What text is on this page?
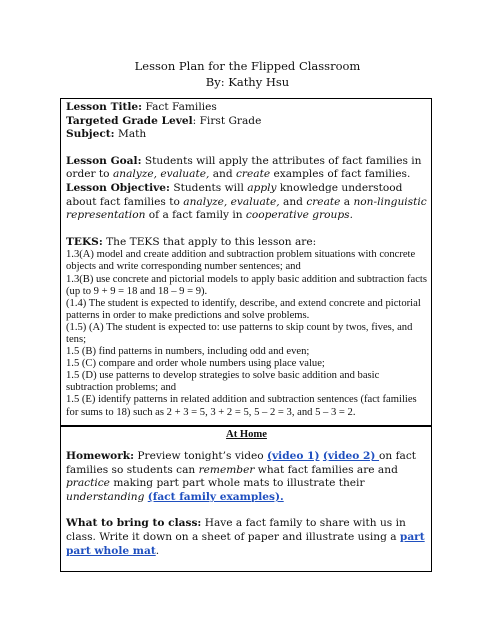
Lesson Plan for the Flipped Classroom
By: Kathy Hsu

Lesson Title: Fact Families

Targeted Grade Level: First Grade

Subject: Math

Lesson Goal: Students will apply the attributes of fact families in order to analyze, evaluate, and create examples of fact families.

Lesson Objective: Students will apply knowledge understood about fact families to analyze, evaluate, and create a non-linguistic representation of a fact family in cooperative groups.

TEKS: The TEKS that apply to this lesson are:

1.3(A) model and create addition and subtraction problem situations with concrete objects and write corresponding number sentences; and

1.3(B) use concrete and pictorial models to apply basic addition and subtraction facts (up to 9 + 9 = 18 and 18 – 9 = 9).

(1.4) The student is expected to identify, describe, and extend concrete and pictorial patterns in order to make predictions and solve problems.

(1.5) (A) The student is expected to: use patterns to skip count by twos, fives, and tens;

1.5 (B) find patterns in numbers, including odd and even;

1.5 (C) compare and order whole numbers using place value;

1.5 (D) use patterns to develop strategies to solve basic addition and basic subtraction problems; and

1.5 (E) identify patterns in related addition and subtraction sentences (fact families for sums to 18) such as 2 + 3 = 5, 3 + 2 = 5, 5 – 2 = 3, and 5 – 3 = 2.

At Home

Homework: Preview tonight’s video (video 1) (video 2) on fact families so students can remember what fact families are and practice making part part whole mats to illustrate their understanding (fact family examples).

What to bring to class: Have a fact family to share with us in class. Write it down on a sheet of paper and illustrate using a part part whole mat.
